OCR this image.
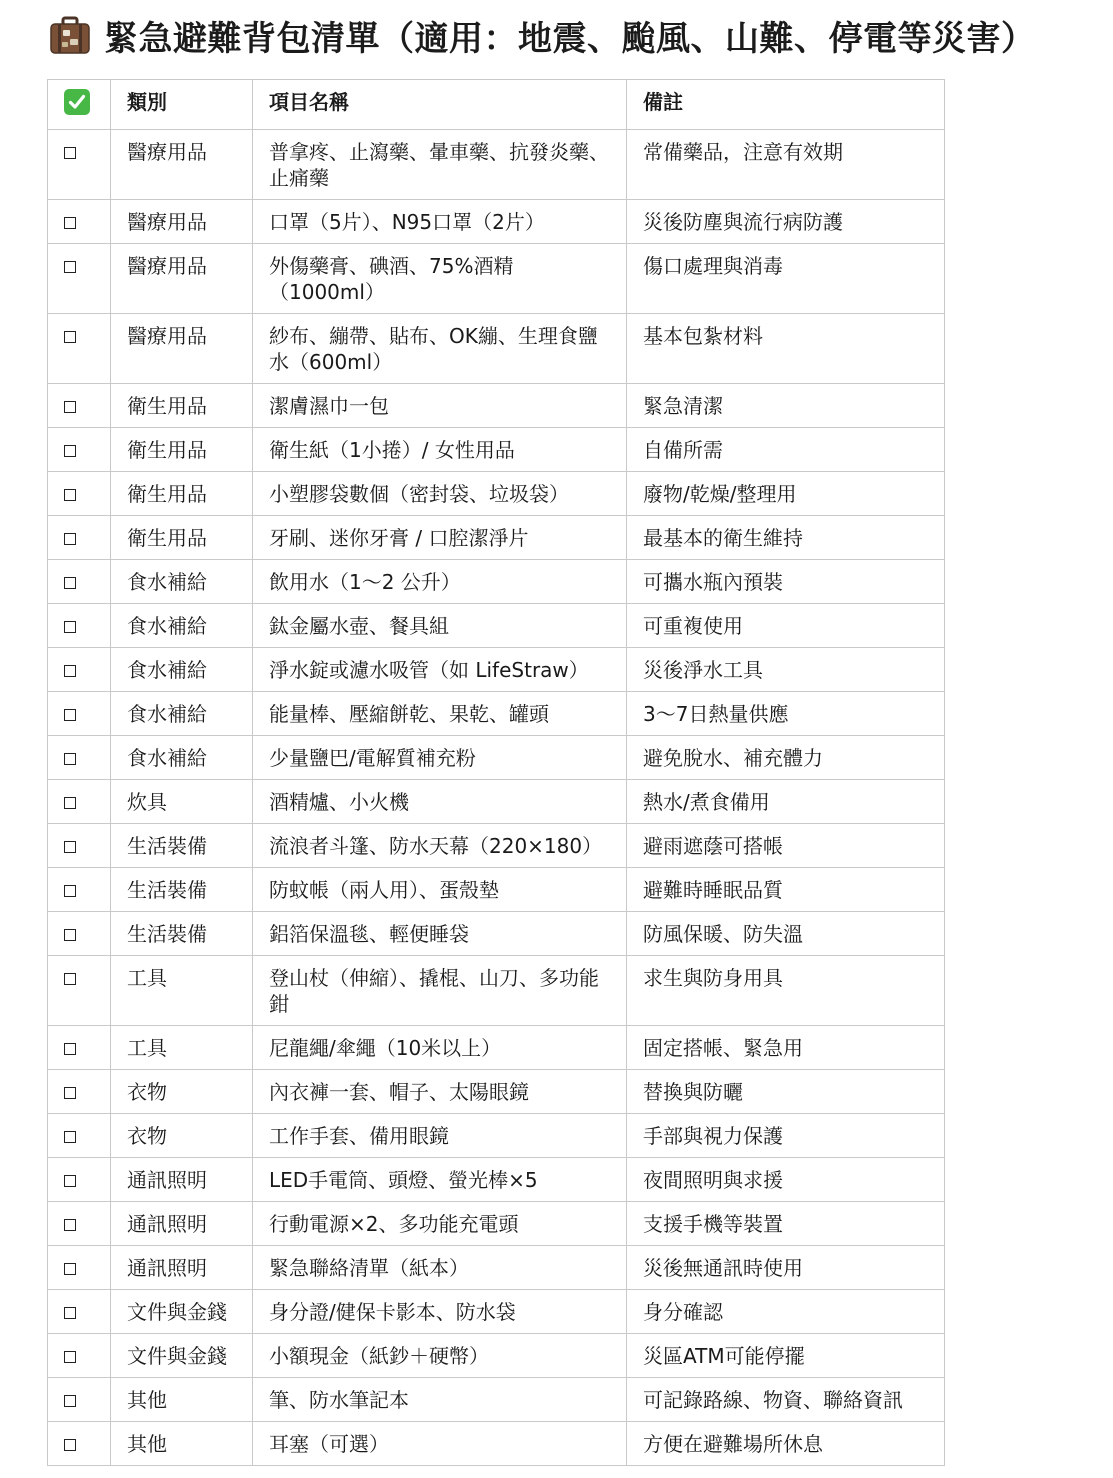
緊急避難背包清單（適用：地震、颱風、山難、停電等災害）
	類別	項目名稱	備註
	醫療用品	普拿疼、止瀉藥、暈車藥、抗發炎藥、止痛藥	常備藥品，注意有效期
	醫療用品	口罩（5片）、N95口罩（2片）	災後防塵與流行病防護
	醫療用品	外傷藥膏、碘酒、75%酒精（1000ml）	傷口處理與消毒
	醫療用品	紗布、繃帶、貼布、OK繃、生理食鹽水（600ml）	基本包紮材料
	衛生用品	潔膚濕巾一包	緊急清潔
	衛生用品	衛生紙（1小捲）/ 女性用品	自備所需
	衛生用品	小塑膠袋數個（密封袋、垃圾袋）	廢物/乾燥/整理用
	衛生用品	牙刷、迷你牙膏 / 口腔潔淨片	最基本的衛生維持
	食水補給	飲用水（1～2 公升）	可攜水瓶內預裝
	食水補給	鈦金屬水壺、餐具組	可重複使用
	食水補給	淨水錠或濾水吸管（如 LifeStraw）	災後淨水工具
	食水補給	能量棒、壓縮餅乾、果乾、罐頭	3～7日熱量供應
	食水補給	少量鹽巴/電解質補充粉	避免脫水、補充體力
	炊具	酒精爐、小火機	熱水/煮食備用
	生活裝備	流浪者斗篷、防水天幕（220×180）	避雨遮蔭可搭帳
	生活裝備	防蚊帳（兩人用）、蛋殼墊	避難時睡眠品質
	生活裝備	鋁箔保溫毯、輕便睡袋	防風保暖、防失溫
	工具	登山杖（伸縮）、撬棍、山刀、多功能鉗	求生與防身用具
	工具	尼龍繩/傘繩（10米以上）	固定搭帳、緊急用
	衣物	內衣褲一套、帽子、太陽眼鏡	替換與防曬
	衣物	工作手套、備用眼鏡	手部與視力保護
	通訊照明	LED手電筒、頭燈、螢光棒×5	夜間照明與求援
	通訊照明	行動電源×2、多功能充電頭	支援手機等裝置
	通訊照明	緊急聯絡清單（紙本）	災後無通訊時使用
	文件與金錢	身分證/健保卡影本、防水袋	身分確認
	文件與金錢	小額現金（紙鈔＋硬幣）	災區ATM可能停擺
	其他	筆、防水筆記本	可記錄路線、物資、聯絡資訊
	其他	耳塞（可選）	方便在避難場所休息
